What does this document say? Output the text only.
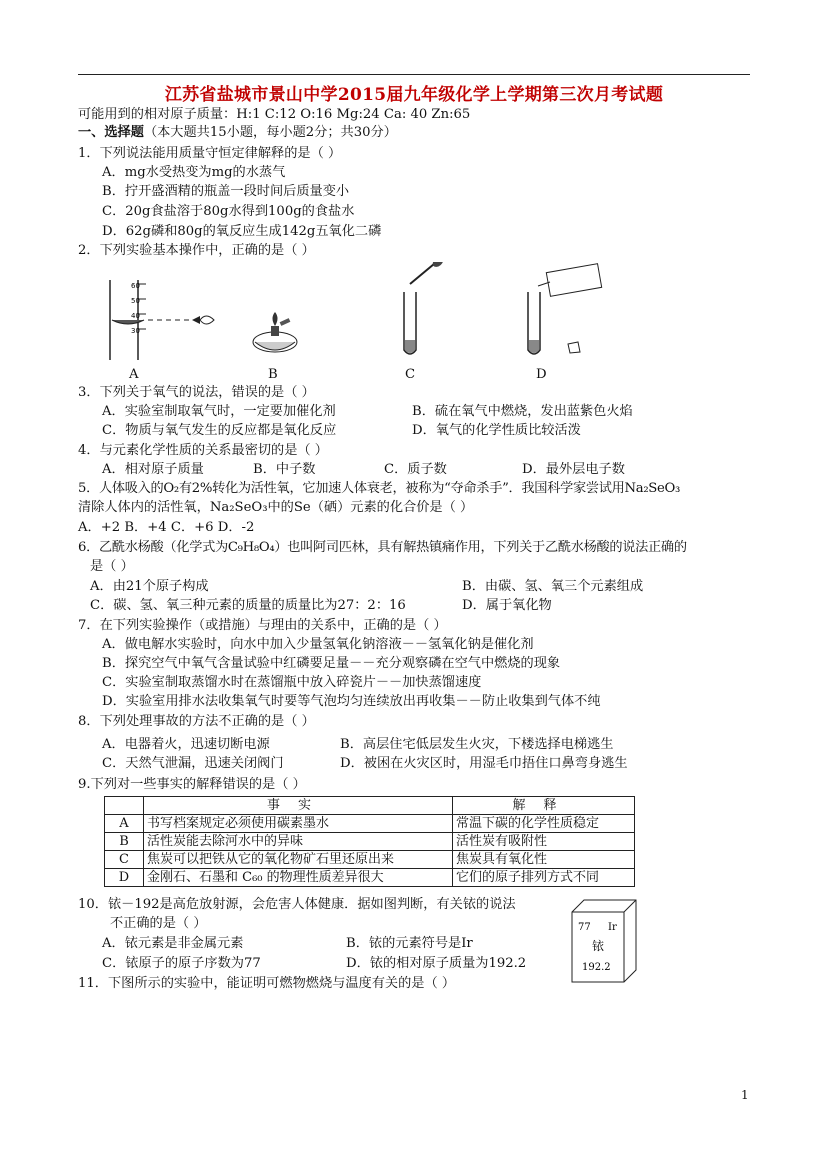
江苏省盐城市景山中学2015届九年级化学上学期第三次月考试题
可能用到的相对原子质量：H:1 C:12 O:16 Mg:24 Ca: 40 Zn:65
一、选择题（本大题共15小题，每小题2分；共30分）
1．下列说法能用质量守恒定律解释的是（ ）
A．mg水受热变为mg的水蒸气
B．拧开盛酒精的瓶盖一段时间后质量变小
C．20g食盐溶于80g水得到100g的食盐水
D．62g磷和80g的氧反应生成142g五氧化二磷
2．下列实验基本操作中，正确的是（ ）
60
50
40
30
A	B	C	D
3．下列关于氧气的说法，错误的是（ ）
A．实验室制取氧气时，一定要加催化剂	B．硫在氧气中燃烧，发出蓝紫色火焰
C．物质与氧气发生的反应都是氧化反应	D．氧气的化学性质比较活泼
4．与元素化学性质的关系最密切的是（ ）
A．相对原子质量	B．中子数	C．质子数	D．最外层电子数
5．人体吸入的O₂有2%转化为活性氧，它加速人体衰老，被称为“夺命杀手”．我国科学家尝试用Na₂SeO₃
清除人体内的活性氧，Na₂SeO₃中的Se（硒）元素的化合价是（ ）
A．+2 B．+4 C．+6 D．-2
6．乙酰水杨酸（化学式为C₉H₈O₄）也叫阿司匹林，具有解热镇痛作用，下列关于乙酰水杨酸的说法正确的
是（ ）
A．由21个原子构成	B．由碳、氢、氧三个元素组成
C．碳、氢、氧三种元素的质量的质量比为27：2：16	D．属于氧化物
7．在下列实验操作（或措施）与理由的关系中，正确的是（ ）
A．做电解水实验时，向水中加入少量氢氧化钠溶液－－氢氧化钠是催化剂
B．探究空气中氧气含量试验中红磷要足量－－充分观察磷在空气中燃烧的现象
C．实验室制取蒸馏水时在蒸馏瓶中放入碎瓷片－－加快蒸馏速度
D．实验室用排水法收集氧气时要等气泡均匀连续放出再收集－－防止收集到气体不纯
8．下列处理事故的方法不正确的是（ ）
A．电器着火，迅速切断电源	B．高层住宅低层发生火灾，下楼选择电梯逃生
C．天然气泄漏，迅速关闭阀门	D．被困在火灾区时，用湿毛巾捂住口鼻弯身逃生
9.下列对一些事实的解释错误的是（ ）
	事实	解释
A	书写档案规定必须使用碳素墨水	常温下碳的化学性质稳定
B	活性炭能去除河水中的异味	活性炭有吸附性
C	焦炭可以把铁从它的氧化物矿石里还原出来	焦炭具有氧化性
D	金刚石、石墨和 C₆₀ 的物理性质差异很大	它们的原子排列方式不同
10．铱－192是高危放射源，会危害人体健康．据如图判断，有关铱的说法
不正确的是（ ）
A．铱元素是非金属元素	B．铱的元素符号是Ir
C．铱原子的原子序数为77	D．铱的相对原子质量为192.2
77 Ir
铱
192.2
11．下图所示的实验中，能证明可燃物燃烧与温度有关的是（ ）
1
